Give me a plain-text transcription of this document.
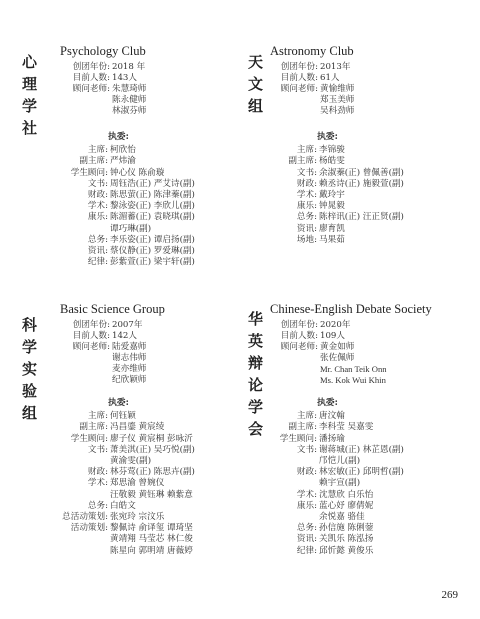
心
理
学
社
Psychology Club
创团年份: 2018 年
目前人数: 143人
顾问老师: 朱慧琦师
陈永健师
林淑芬师
执委:
主席: 柯欣怡
副主席: 严炜渝
学生顾问: 钟心仪 陈俞璇
文书: 周钰浩(正) 严艾诗(副)
财政: 陈思萤(正) 陈津蓁(副)
学术: 黎泳姿(正) 李欣儿(副)
康乐: 陈湄蓄(正) 袁晓琪(副)
谭巧琳(副)
总务: 李乐姿(正) 谭启扬(副)
资讯: 蔡仪静(正) 罗爱琳(副)
纪律: 彭紫萱(正) 梁宇轩(副)
天
文
组
Astronomy Club
创团年份: 2013年
目前人数: 61人
顾问老师: 黄愉维师
郑玉美师
吴科劲师
执委:
主席: 李锦骏
副主席: 杨皓雯
文书: 余淑蓁(正) 曾佩善(副)
财政: 赖丞诗(正) 施毅萱(副)
学术: 戴玲宇
康乐: 钟晁毅
总务: 陈梓讯(正) 汪正贤(副)
资讯: 廖育凯
场地: 马果茹
科
学
实
验
组
Basic Science Group
创团年份: 2007年
目前人数: 142人
顾问老师: 陆爱嘉师
谢志伟师
麦亦维师
纪欣颖师
执委:
主席: 何钰颖
副主席: 冯昌鎏 黄宸绫
学生顾问: 廖子仪 黄宸桐 彭咏沂
文书: 萧美淇(正) 吴巧悦(副)
黄渝雯(副)
财政: 林芬莺(正) 陈思卉(副)
学术: 郑思渝 曾婉仪
汪敬毅 黄钰琳 赖紫意
总务: 白皓文
总活动策划: 张宛玲 宗汶乐
活动策划: 黎佩诗 俞译玺 谭琦坚
黄靖翔 马莹芯 林仁俊
陈星向 郭明靖 唐薇婷
华
英
辩
论
学
会
Chinese-English Debate Society
创团年份: 2020年
目前人数: 109人
顾问老师: 黄金如师
张佐佩师
Mr. Chan Teik Onn
Ms. Kok Wui Khin
执委:
主席: 唐汶翰
副主席: 李科莹 吴嘉雯
学生顾问: 潘扬瑜
文书: 谢蒋城(正) 林芷恩(副)
邝恺儿(副)
财政: 林宏敏(正) 邱明哲(副)
赖宇宣(副)
学术: 沈慧欣 白乐怡
康乐: 蓝心妤 廖倩妮
余悦嘉 骆佳
总务: 孙信施 陈俐蓥
资讯: 关凯乐 陈泓扬
纪律: 邱忻懿 黄俊乐
269
